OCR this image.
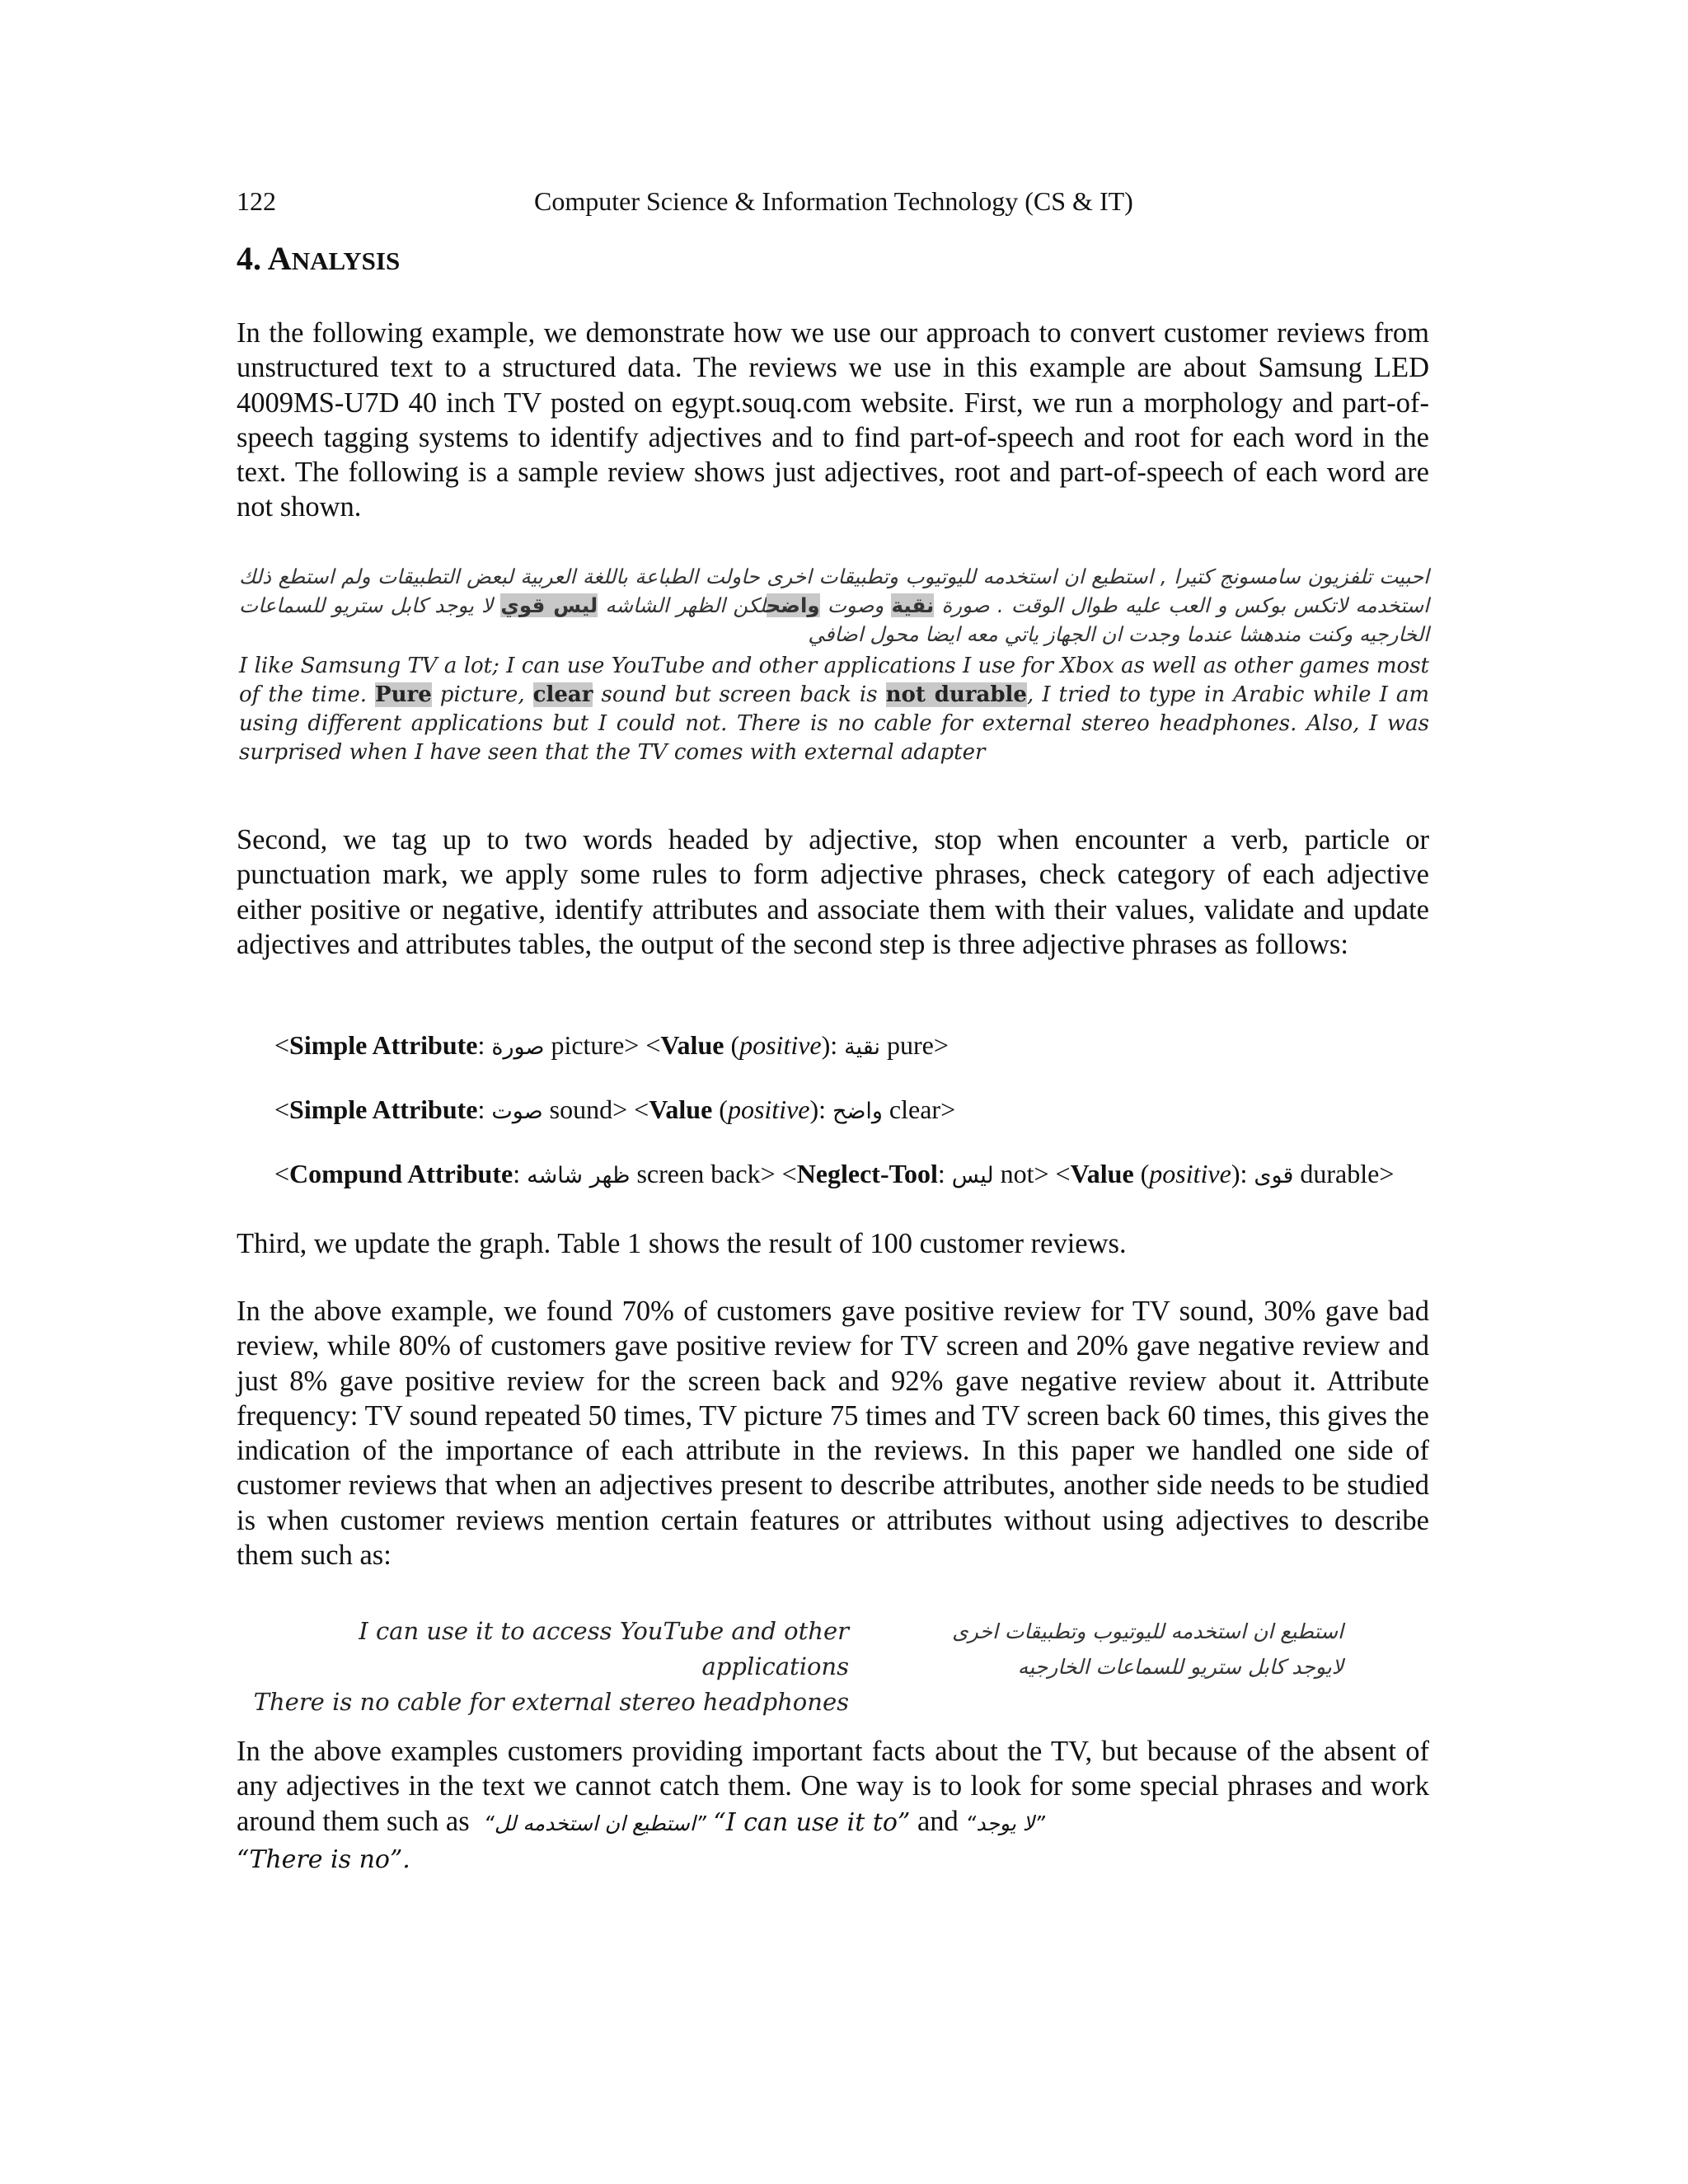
122	Computer Science & Information Technology (CS & IT)
4. ANALYSIS

In the following example, we demonstrate how we use our approach to convert customer reviews from unstructured text to a structured data. The reviews we use in this example are about Samsung LED 4009MS-U7D 40 inch TV posted on egypt.souq.com website. First, we run a morphology and part-of-speech tagging systems to identify adjectives and to find part-of-speech and root for each word in the text. The following is a sample review shows just adjectives, root and part-of-speech of each word are not shown.

احبيت تلفزيون سامسونج كتيرا , استطيع ان استخدمه لليوتيوب وتطبيقات اخرى حاولت الطباعة باللغة العربية لبعض التطبيقات ولم استطع ذلك استخدمه لاتكس بوكس و العب عليه طوال الوقت . صورة نقية وصوت واضحلكن الظهر الشاشه ليس قوي لا يوجد كابل ستريو للسماعات الخارجيه وكنت مندهشا عندما وجدت ان الجهاز ياتي معه ايضا محول اضافي

I like Samsung TV a lot; I can use YouTube and other applications I use for Xbox as well as other games most of the time. Pure picture, clear sound but screen back is not durable, I tried to type in Arabic while I am using different applications but I could not. There is no cable for external stereo headphones. Also, I was surprised when I have seen that the TV comes with external adapter

Second, we tag up to two words headed by adjective, stop when encounter a verb, particle or punctuation mark, we apply some rules to form adjective phrases, check category of each adjective either positive or negative, identify attributes and associate them with their values, validate and update adjectives and attributes tables, the output of the second step is three adjective phrases as follows:

<Simple Attribute: صورة picture> <Value (positive): نقية pure>
<Simple Attribute: صوت sound> <Value (positive): واضح clear>
<Compund Attribute: ظهر شاشه screen back> <Neglect-Tool: ليس not> <Value (positive): قوى durable>

Third, we update the graph. Table 1 shows the result of 100 customer reviews.

In the above example, we found 70% of customers gave positive review for TV sound, 30% gave bad review, while 80% of customers gave positive review for TV screen and 20% gave negative review and just 8% gave positive review for the screen back and 92% gave negative review about it. Attribute frequency: TV sound repeated 50 times, TV picture 75 times and TV screen back 60 times, this gives the indication of the importance of each attribute in the reviews. In this paper we handled one side of customer reviews that when an adjectives present to describe attributes, another side needs to be studied is when customer reviews mention certain features or attributes without using adjectives to describe them such as:

I can use it to access YouTube and other applications
There is no cable for external stereo headphones
استطيع ان استخدمه لليوتيوب وتطبيقات اخرى
لايوجد كابل ستريو للسماعات الخارجيه

In the above examples customers providing important facts about the TV, but because of the absent of any adjectives in the text we cannot catch them. One way is to look for some special phrases and work around them such as “استطيع ان استخدمه لل” “I can use it to” and “لا يوجد”
“There is no”.
